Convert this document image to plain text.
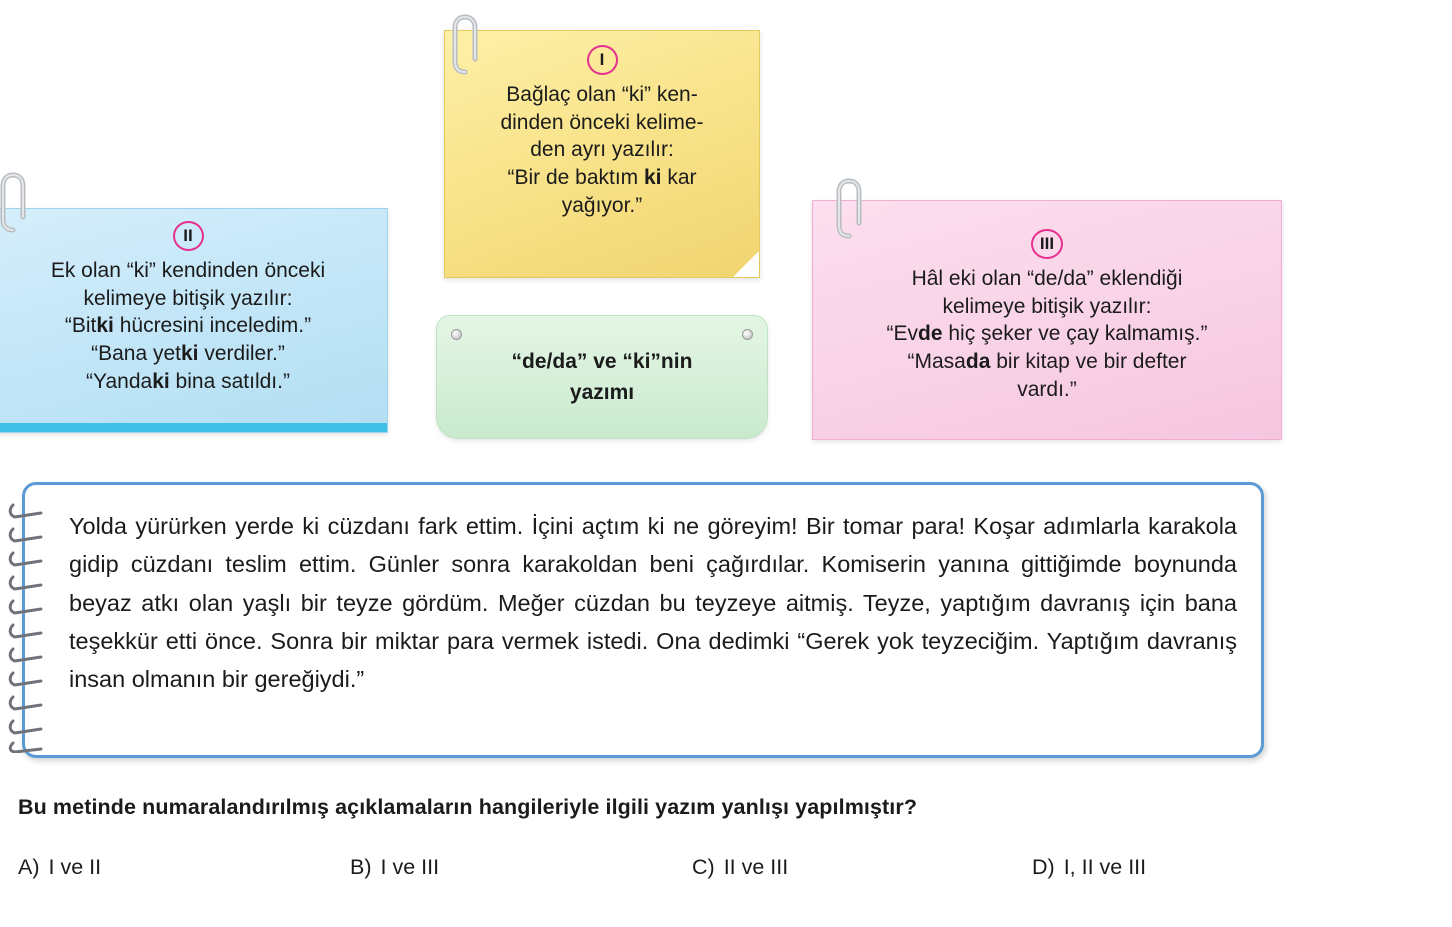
I
Bağlaç olan “ki” ken-
dinden önceki kelime-
den ayrı yazılır:
“Bir de baktım ki kar
yağıyor.”
II
Ek olan “ki” kendinden önceki
kelimeye bitişik yazılır:
“Bitki hücresini inceledim.”
“Bana yetki verdiler.”
“Yandaki bina satıldı.”
III
Hâl eki olan “de/da” eklendiği
kelimeye bitişik yazılır:
“Evde hiç şeker ve çay kalmamış.”
“Masada bir kitap ve bir defter
vardı.”
“de/da” ve “ki”nin
yazımı
Yolda yürürken yerde ki cüzdanı fark ettim. İçini açtım ki ne göreyim! Bir tomar para! Koşar adımlarla karakola gidip cüzdanı teslim ettim. Günler sonra karakoldan beni çağırdılar. Komiserin yanına gittiğimde boynunda beyaz atkı olan yaşlı bir teyze gördüm. Meğer cüzdan bu teyzeye aitmiş. Teyze, yaptığım davranış için bana teşekkür etti önce. Sonra bir miktar para vermek istedi. Ona dedimki “Gerek yok teyzeciğim. Yaptığım davranış insan olmanın bir gereğiydi.”
Bu metinde numaralandırılmış açıklamaların hangileriyle ilgili yazım yanlışı yapılmıştır?
A) I ve II	B) I ve III	C) II ve III	D) I, II ve III
